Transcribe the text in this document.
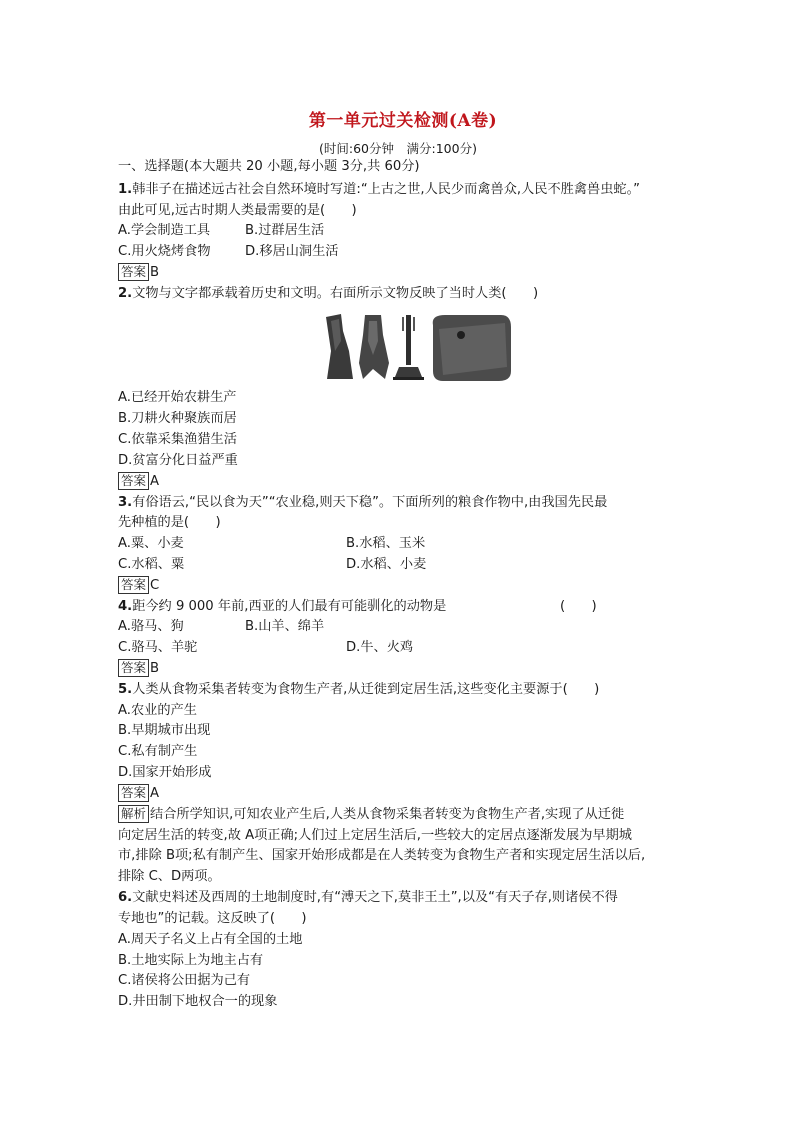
第一单元过关检测(A卷)
(时间:60分钟　满分:100分)
一、选择题(本大题共 20 小题,每小题 3分,共 60分)
1.韩非子在描述远古社会自然环境时写道:“上古之世,人民少而禽兽众,人民不胜禽兽虫蛇。”
由此可见,远古时期人类最需要的是(　　)
A.学会制造工具	B.过群居生活
C.用火烧烤食物	D.移居山洞生活
答案 B
2.文物与文字都承载着历史和文明。右面所示文物反映了当时人类(　　)
A.已经开始农耕生产
B.刀耕火种聚族而居
C.依靠采集渔猎生活
D.贫富分化日益严重
答案 A
3.有俗语云,“民以食为天”“农业稳,则天下稳”。下面所列的粮食作物中,由我国先民最
先种植的是(　　)
A.粟、小麦	B.水稻、玉米
C.水稻、粟	D.水稻、小麦
答案 C
4.距今约 9 000 年前,西亚的人们最有可能驯化的动物是	(　　)
A.骆马、狗	B.山羊、绵羊
C.骆马、羊驼	D.牛、火鸡
答案 B
5.人类从食物采集者转变为食物生产者,从迁徙到定居生活,这些变化主要源于(　　)
A.农业的产生
B.早期城市出现
C.私有制产生
D.国家开始形成
答案 A
解析 结合所学知识,可知农业产生后,人类从食物采集者转变为食物生产者,实现了从迁徙
向定居生活的转变,故 A项正确;人们过上定居生活后,一些较大的定居点逐渐发展为早期城
市,排除 B项;私有制产生、国家开始形成都是在人类转变为食物生产者和实现定居生活以后,
排除 C、D两项。
6.文献史料述及西周的土地制度时,有“溥天之下,莫非王土”,以及“有天子存,则诸侯不得
专地也”的记载。这反映了(　　)
A.周天子名义上占有全国的土地
B.土地实际上为地主占有
C.诸侯将公田据为己有
D.井田制下地权合一的现象
